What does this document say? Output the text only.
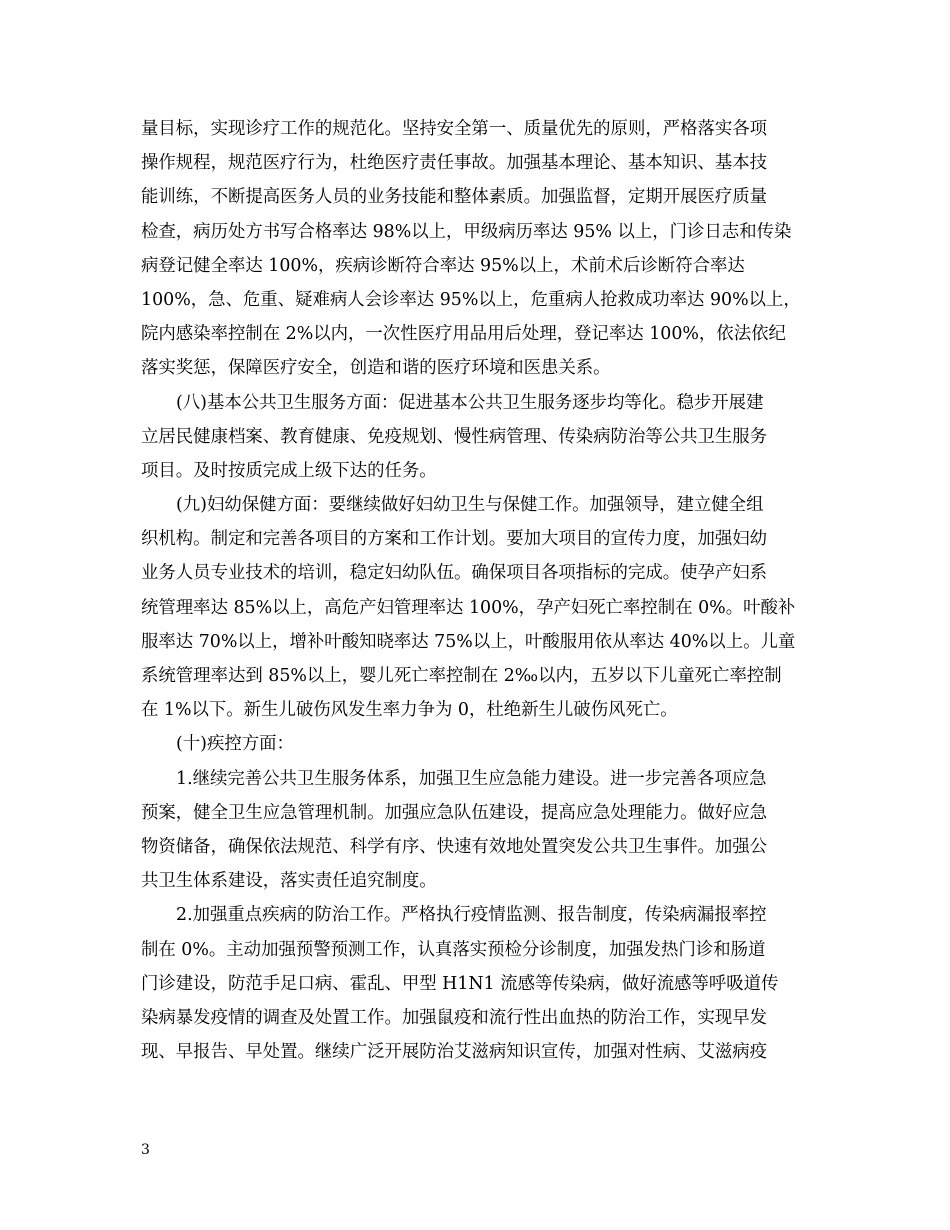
量目标，实现诊疗工作的规范化。坚持安全第一、质量优先的原则，严格落实各项
操作规程，规范医疗行为，杜绝医疗责任事故。加强基本理论、基本知识、基本技
能训练，不断提高医务人员的业务技能和整体素质。加强监督，定期开展医疗质量
检查，病历处方书写合格率达 98%以上，甲级病历率达 95% 以上，门诊日志和传染
病登记健全率达 100%，疾病诊断符合率达 95%以上，术前术后诊断符合率达
100%，急、危重、疑难病人会诊率达 95%以上，危重病人抢救成功率达 90%以上，
院内感染率控制在 2%以内，一次性医疗用品用后处理，登记率达 100%，依法依纪
落实奖惩，保障医疗安全，创造和谐的医疗环境和医患关系。
(八)基本公共卫生服务方面：促进基本公共卫生服务逐步均等化。稳步开展建
立居民健康档案、教育健康、免疫规划、慢性病管理、传染病防治等公共卫生服务
项目。及时按质完成上级下达的任务。
(九)妇幼保健方面：要继续做好妇幼卫生与保健工作。加强领导，建立健全组
织机构。制定和完善各项目的方案和工作计划。要加大项目的宣传力度，加强妇幼
业务人员专业技术的培训，稳定妇幼队伍。确保项目各项指标的完成。使孕产妇系
统管理率达 85%以上，高危产妇管理率达 100%，孕产妇死亡率控制在 0%。叶酸补
服率达 70%以上，增补叶酸知晓率达 75%以上，叶酸服用依从率达 40%以上。儿童
系统管理率达到 85%以上，婴儿死亡率控制在 2‰以内，五岁以下儿童死亡率控制
在 1%以下。新生儿破伤风发生率力争为 0，杜绝新生儿破伤风死亡。
(十)疾控方面：
1.继续完善公共卫生服务体系，加强卫生应急能力建设。进一步完善各项应急
预案，健全卫生应急管理机制。加强应急队伍建设，提高应急处理能力。做好应急
物资储备，确保依法规范、科学有序、快速有效地处置突发公共卫生事件。加强公
共卫生体系建设，落实责任追究制度。
2.加强重点疾病的防治工作。严格执行疫情监测、报告制度，传染病漏报率控
制在 0%。主动加强预警预测工作，认真落实预检分诊制度，加强发热门诊和肠道
门诊建设，防范手足口病、霍乱、甲型 H1N1 流感等传染病，做好流感等呼吸道传
染病暴发疫情的调查及处置工作。加强鼠疫和流行性出血热的防治工作，实现早发
现、早报告、早处置。继续广泛开展防治艾滋病知识宣传，加强对性病、艾滋病疫
3
